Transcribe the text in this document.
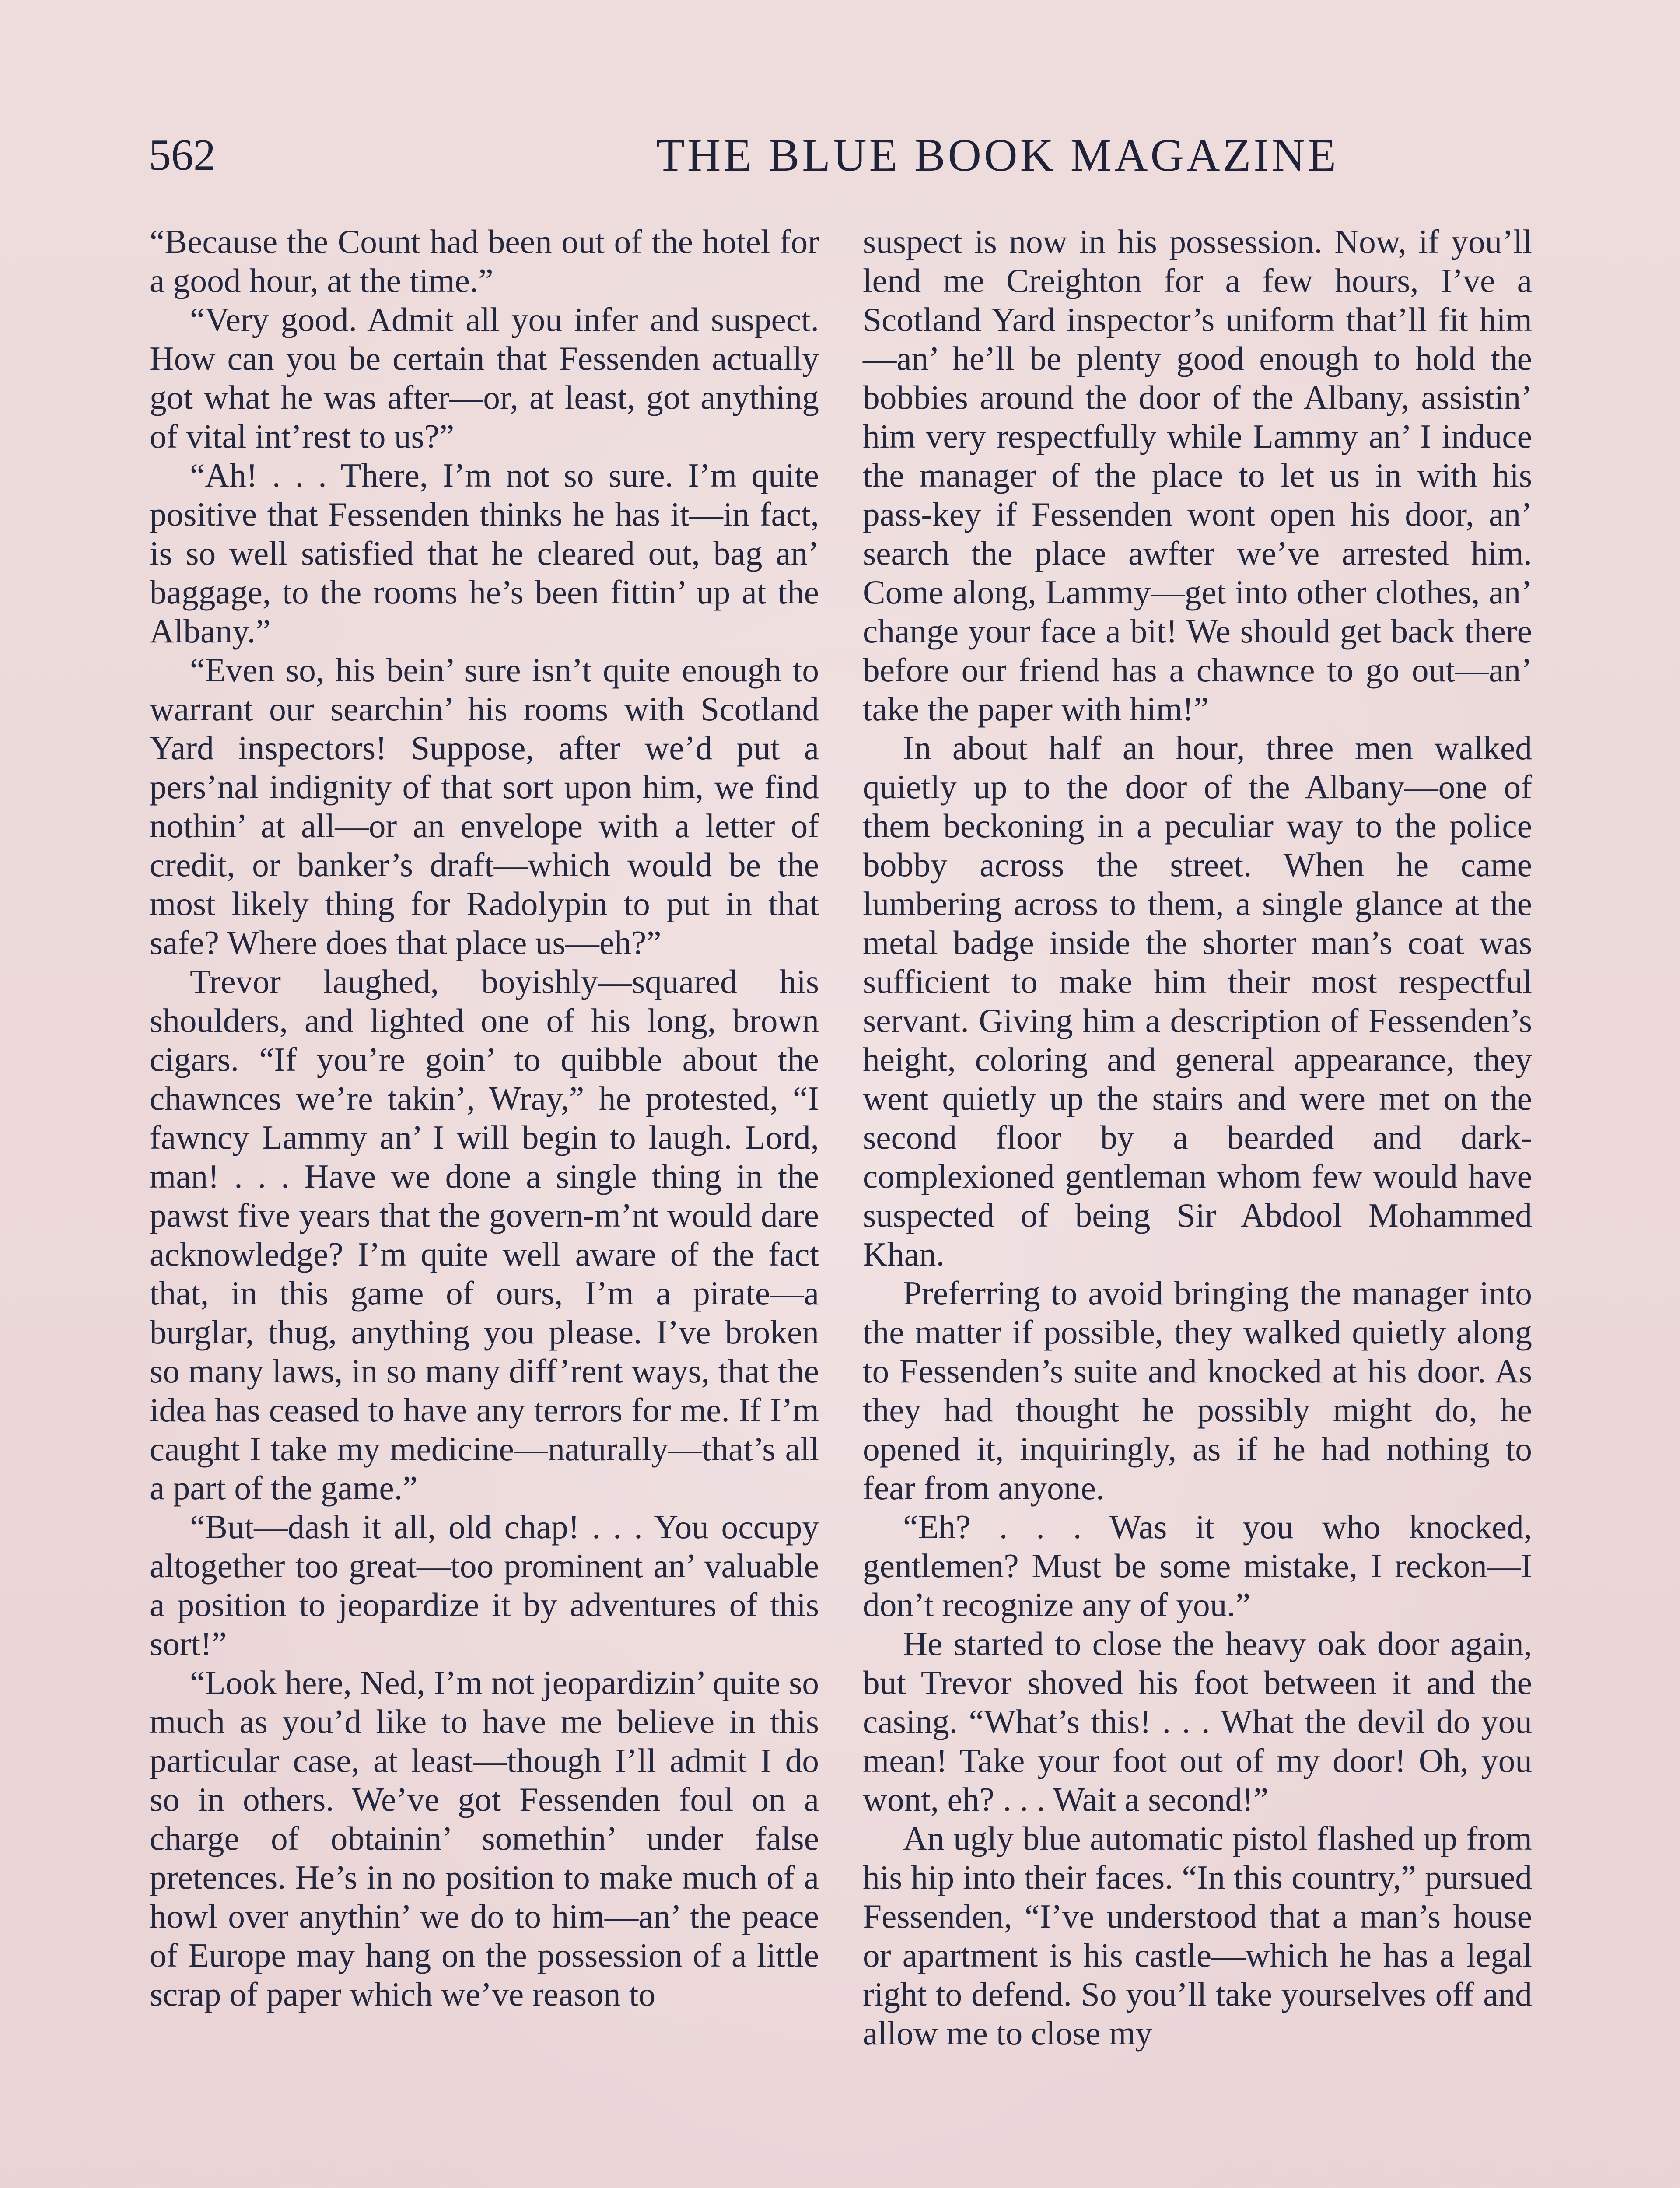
562	THE BLUE BOOK MAGAZINE

“Because the Count had been out of the hotel for a good hour, at the time.”

“Very good. Admit all you infer and suspect. How can you be certain that Fessenden actually got what he was after—or, at least, got anything of vital int’rest to us?”

“Ah! . . . There, I’m not so sure. I’m quite positive that Fessenden thinks he has it—in fact, is so well satisfied that he cleared out, bag an’ baggage, to the rooms he’s been fittin’ up at the Albany.”

“Even so, his bein’ sure isn’t quite enough to warrant our searchin’ his rooms with Scotland Yard inspectors! Suppose, after we’d put a pers’nal indignity of that sort upon him, we find nothin’ at all—or an envelope with a letter of credit, or banker’s draft—which would be the most likely thing for Radolypin to put in that safe? Where does that place us—eh?”

Trevor laughed, boyishly—squared his shoulders, and lighted one of his long, brown cigars. “If you’re goin’ to quibble about the chawnces we’re takin’, Wray,” he protested, “I fawncy Lammy an’ I will begin to laugh. Lord, man! . . . Have we done a single thing in the pawst five years that the govern-m’nt would dare acknowledge? I’m quite well aware of the fact that, in this game of ours, I’m a pirate—a burglar, thug, anything you please. I’ve broken so many laws, in so many diff’rent ways, that the idea has ceased to have any terrors for me. If I’m caught I take my medicine—naturally—that’s all a part of the game.”

“But—dash it all, old chap! . . . You occupy altogether too great—too prominent an’ valuable a position to jeopardize it by adventures of this sort!”

“Look here, Ned, I’m not jeopardizin’ quite so much as you’d like to have me believe in this particular case, at least—though I’ll admit I do so in others. We’ve got Fessenden foul on a charge of obtainin’ somethin’ under false pretences. He’s in no position to make much of a howl over anythin’ we do to him—an’ the peace of Europe may hang on the possession of a little scrap of paper which we’ve reason to

suspect is now in his possession. Now, if you’ll lend me Creighton for a few hours, I’ve a Scotland Yard inspector’s uniform that’ll fit him—an’ he’ll be plenty good enough to hold the bobbies around the door of the Albany, assistin’ him very respectfully while Lammy an’ I induce the manager of the place to let us in with his pass-key if Fessenden wont open his door, an’ search the place awfter we’ve arrested him. Come along, Lammy—get into other clothes, an’ change your face a bit! We should get back there before our friend has a chawnce to go out—an’ take the paper with him!”

In about half an hour, three men walked quietly up to the door of the Albany—one of them beckoning in a peculiar way to the police bobby across the street. When he came lumbering across to them, a single glance at the metal badge inside the shorter man’s coat was sufficient to make him their most respectful servant. Giving him a description of Fessenden’s height, coloring and general appearance, they went quietly up the stairs and were met on the second floor by a bearded and dark-complexioned gentleman whom few would have suspected of being Sir Abdool Mohammed Khan.

Preferring to avoid bringing the manager into the matter if possible, they walked quietly along to Fessenden’s suite and knocked at his door. As they had thought he possibly might do, he opened it, inquiringly, as if he had nothing to fear from anyone.

“Eh? . . . Was it you who knocked, gentlemen? Must be some mistake, I reckon—I don’t recognize any of you.”

He started to close the heavy oak door again, but Trevor shoved his foot between it and the casing. “What’s this! . . . What the devil do you mean! Take your foot out of my door! Oh, you wont, eh? . . . Wait a second!”

An ugly blue automatic pistol flashed up from his hip into their faces. “In this country,” pursued Fessenden, “I’ve understood that a man’s house or apartment is his castle—which he has a legal right to defend. So you’ll take yourselves off and allow me to close my
